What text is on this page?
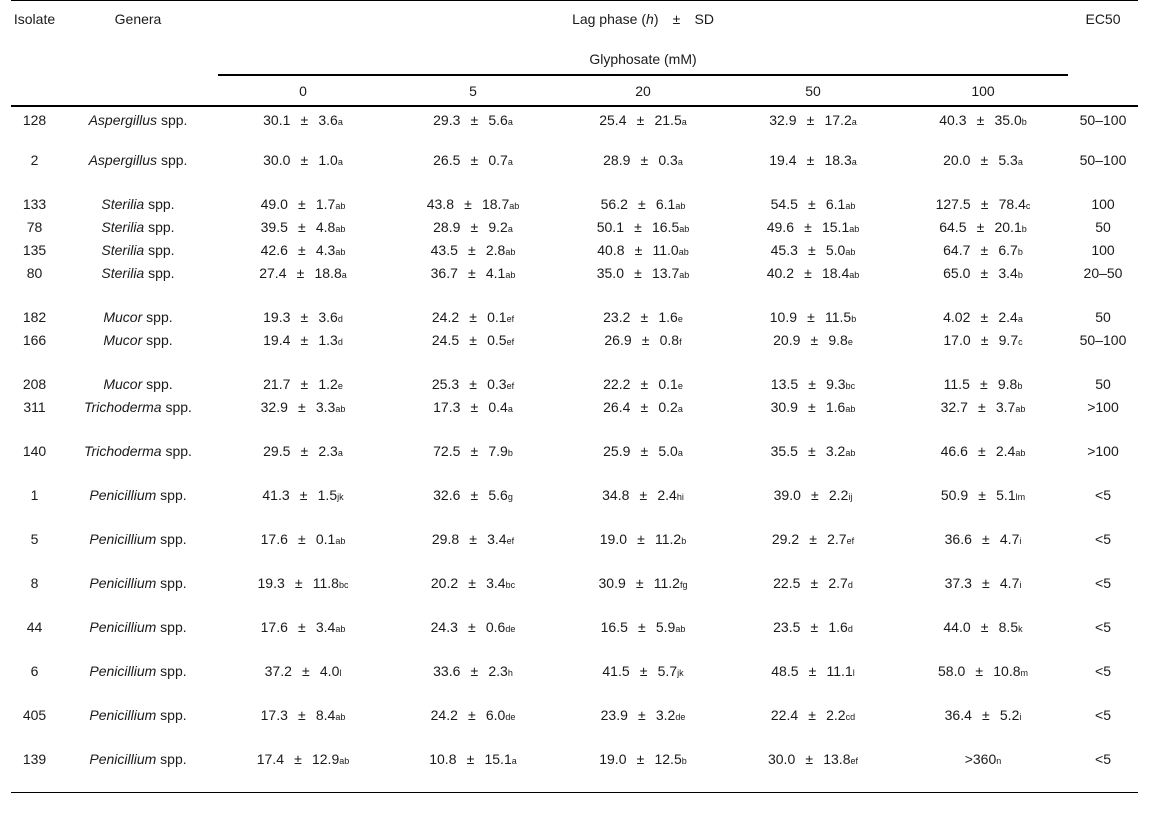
Isolate	Genera	Lag phase (h) ± SD					EC50
		Glyphosate (mM)					
		0	5	20	50	100	
128	Aspergillus spp.	30.1 ± 3.6 a	29.3 ± 5.6 a	25.4 ± 21.5 a	32.9 ± 17.2 a	40.3 ± 35.0 b	50–100
2	Aspergillus spp.	30.0 ± 1.0 a	26.5 ± 0.7 a	28.9 ± 0.3 a	19.4 ± 18.3 a	20.0 ± 5.3 a	50–100
133	Sterilia spp.	49.0 ± 1.7 ab	43.8 ± 18.7 ab	56.2 ± 6.1 ab	54.5 ± 6.1 ab	127.5 ± 78.4 c	100
78	Sterilia spp.	39.5 ± 4.8 ab	28.9 ± 9.2 a	50.1 ± 16.5 ab	49.6 ± 15.1 ab	64.5 ± 20.1 b	50
135	Sterilia spp.	42.6 ± 4.3 ab	43.5 ± 2.8 ab	40.8 ± 11.0 ab	45.3 ± 5.0 ab	64.7 ± 6.7 b	100
80	Sterilia spp.	27.4 ± 18.8 a	36.7 ± 4.1 ab	35.0 ± 13.7 ab	40.2 ± 18.4 ab	65.0 ± 3.4 b	20–50
182	Mucor spp.	19.3 ± 3.6 d	24.2 ± 0.1 ef	23.2 ± 1.6 e	10.9 ± 11.5 b	4.02 ± 2.4 a	50
166	Mucor spp.	19.4 ± 1.3 d	24.5 ± 0.5 ef	26.9 ± 0.8 f	20.9 ± 9.8 e	17.0 ± 9.7 c	50–100
208	Mucor spp.	21.7 ± 1.2 e	25.3 ± 0.3 ef	22.2 ± 0.1 e	13.5 ± 9.3 bc	11.5 ± 9.8 b	50
311	Trichoderma spp.	32.9 ± 3.3 ab	17.3 ± 0.4 a	26.4 ± 0.2 a	30.9 ± 1.6 ab	32.7 ± 3.7 ab	>100
140	Trichoderma spp.	29.5 ± 2.3 a	72.5 ± 7.9 b	25.9 ± 5.0 a	35.5 ± 3.2 ab	46.6 ± 2.4 ab	>100
1	Penicillium spp.	41.3 ± 1.5 jk	32.6 ± 5.6 g	34.8 ± 2.4 hi	39.0 ± 2.2 ij	50.9 ± 5.1 lm	<5
5	Penicillium spp.	17.6 ± 0.1 ab	29.8 ± 3.4 ef	19.0 ± 11.2 b	29.2 ± 2.7 ef	36.6 ± 4.7 i	<5
8	Penicillium spp.	19.3 ± 11.8 bc	20.2 ± 3.4 bc	30.9 ± 11.2 fg	22.5 ± 2.7 d	37.3 ± 4.7 i	<5
44	Penicillium spp.	17.6 ± 3.4 ab	24.3 ± 0.6 de	16.5 ± 5.9 ab	23.5 ± 1.6 d	44.0 ± 8.5 k	<5
6	Penicillium spp.	37.2 ± 4.0 l	33.6 ± 2.3 h	41.5 ± 5.7 jk	48.5 ± 11.1 l	58.0 ± 10.8 m	<5
405	Penicillium spp.	17.3 ± 8.4 ab	24.2 ± 6.0 de	23.9 ± 3.2 de	22.4 ± 2.2 cd	36.4 ± 5.2 i	<5
139	Penicillium spp.	17.4 ± 12.9 ab	10.8 ± 15.1 a	19.0 ± 12.5 b	30.0 ± 13.8 ef	>360 n	<5
